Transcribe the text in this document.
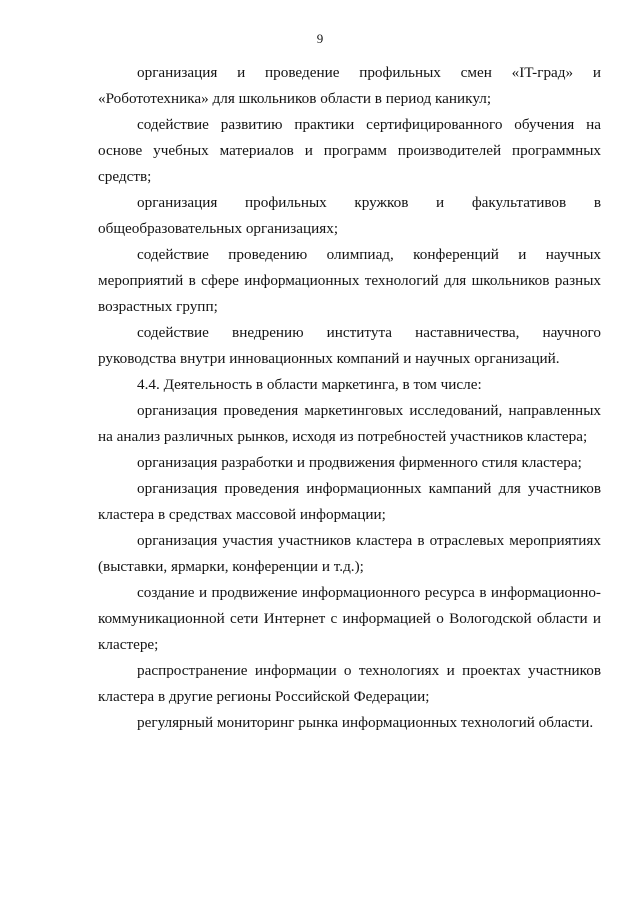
9

организация и проведение профильных смен «IT-град» и
«Робототехника» для школьников области в период каникул;

содействие развитию практики сертифицированного обучения на
основе учебных материалов и программ производителей программных
средств;

организация профильных кружков и факультативов в
общеобразовательных организациях;

содействие проведению олимпиад, конференций и научных
мероприятий в сфере информационных технологий для школьников разных
возрастных групп;

содействие внедрению института наставничества, научного
руководства внутри инновационных компаний и научных организаций.

4.4. Деятельность в области маркетинга, в том числе:

организация проведения маркетинговых исследований, направленных
на анализ различных рынков, исходя из потребностей участников кластера;

организация разработки и продвижения фирменного стиля кластера;

организация проведения информационных кампаний для участников
кластера в средствах массовой информации;

организация участия участников кластера в отраслевых мероприятиях
(выставки, ярмарки, конференции и т.д.);

создание и продвижение информационного ресурса в информационно-
коммуникационной сети Интернет с информацией о Вологодской области и
кластере;

распространение информации о технологиях и проектах участников
кластера в другие регионы Российской Федерации;

регулярный мониторинг рынка информационных технологий области.
